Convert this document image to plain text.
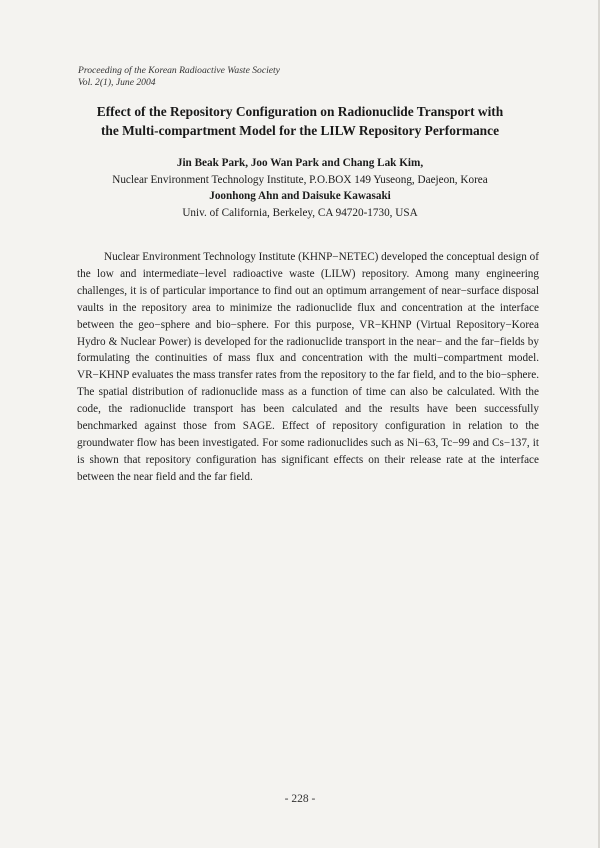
Proceeding of the Korean Radioactive Waste Society
Vol. 2(1), June 2004
Effect of the Repository Configuration on Radionuclide Transport with
the Multi-compartment Model for the LILW Repository Performance
Jin Beak Park, Joo Wan Park and Chang Lak Kim,
Nuclear Environment Technology Institute, P.O.BOX 149 Yuseong, Daejeon, Korea
Joonhong Ahn and Daisuke Kawasaki
Univ. of California, Berkeley, CA 94720-1730, USA

Nuclear Environment Technology Institute (KHNP−NETEC) developed the conceptual design of the low and intermediate−level radioactive waste (LILW) repository. Among many engineering challenges, it is of particular importance to find out an optimum arrangement of near−surface disposal vaults in the repository area to minimize the radionuclide flux and concentration at the interface between the geo−sphere and bio−sphere. For this purpose, VR−KHNP (Virtual Repository−Korea Hydro & Nuclear Power) is developed for the radionuclide transport in the near− and the far−fields by formulating the continuities of mass flux and concentration with the multi−compartment model. VR−KHNP evaluates the mass transfer rates from the repository to the far field, and to the bio−sphere. The spatial distribution of radionuclide mass as a function of time can also be calculated. With the code, the radionuclide transport has been calculated and the results have been successfully benchmarked against those from SAGE. Effect of repository configuration in relation to the groundwater flow has been investigated. For some radionuclides such as Ni−63, Tc−99 and Cs−137, it is shown that repository configuration has significant effects on their release rate at the interface between the near field and the far field.

- 228 -
